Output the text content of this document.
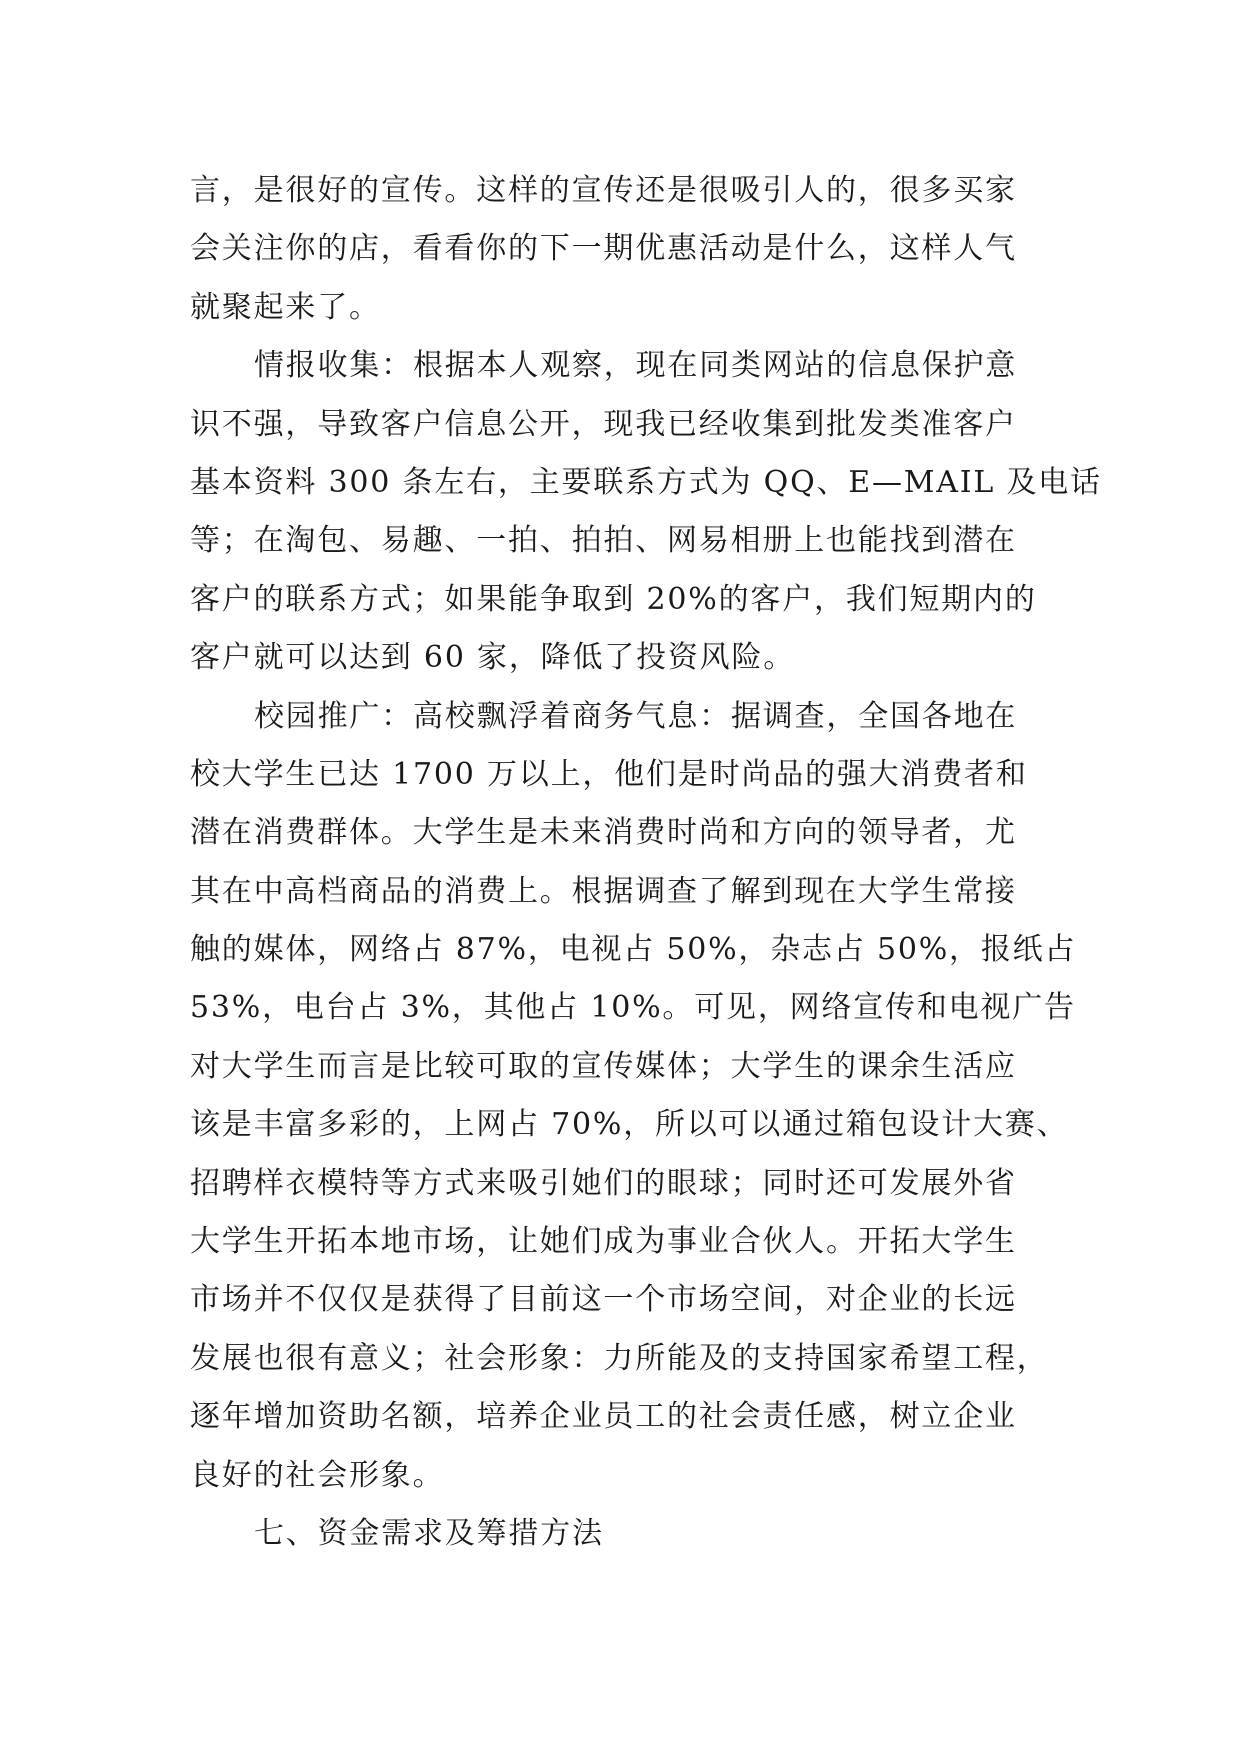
言，是很好的宣传。这样的宣传还是很吸引人的，很多买家
会关注你的店，看看你的下一期优惠活动是什么，这样人气
就聚起来了。
情报收集：根据本人观察，现在同类网站的信息保护意
识不强，导致客户信息公开，现我已经收集到批发类准客户
基本资料 300 条左右，主要联系方式为 QQ、E—MAIL 及电话
等；在淘包、易趣、一拍、拍拍、网易相册上也能找到潜在
客户的联系方式；如果能争取到 20%的客户，我们短期内的
客户就可以达到 60 家，降低了投资风险。
校园推广：高校飘浮着商务气息：据调查，全国各地在
校大学生已达 1700 万以上，他们是时尚品的强大消费者和
潜在消费群体。大学生是未来消费时尚和方向的领导者，尤
其在中高档商品的消费上。根据调查了解到现在大学生常接
触的媒体，网络占 87%，电视占 50%，杂志占 50%，报纸占
53%，电台占 3%，其他占 10%。可见，网络宣传和电视广告
对大学生而言是比较可取的宣传媒体；大学生的课余生活应
该是丰富多彩的，上网占 70%，所以可以通过箱包设计大赛、
招聘样衣模特等方式来吸引她们的眼球；同时还可发展外省
大学生开拓本地市场，让她们成为事业合伙人。开拓大学生
市场并不仅仅是获得了目前这一个市场空间，对企业的长远
发展也很有意义；社会形象：力所能及的支持国家希望工程，
逐年增加资助名额，培养企业员工的社会责任感，树立企业
良好的社会形象。
七、资金需求及筹措方法
